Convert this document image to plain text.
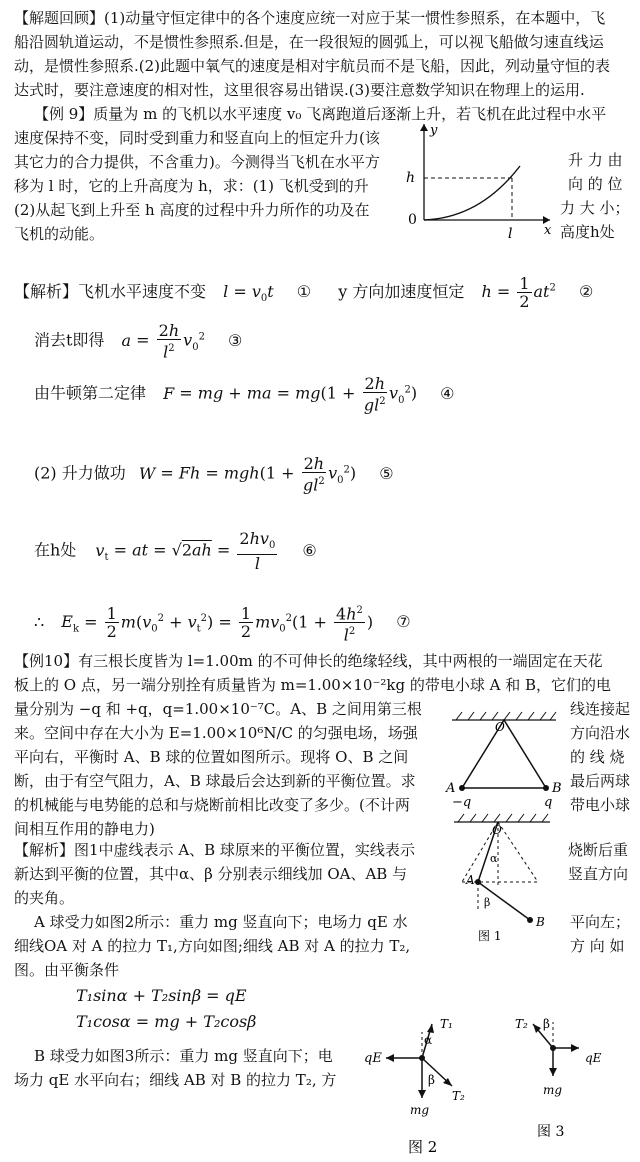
【解题回顾】(1)动量守恒定律中的各个速度应统一对应于某一惯性参照系，在本题中，飞
船沿圆轨道运动，不是惯性参照系.但是，在一段很短的圆弧上，可以视飞船做匀速直线运
动，是惯性参照系.(2)此题中氧气的速度是相对宇航员而不是飞船，因此，列动量守恒的表
达式时，要注意速度的相对性，这里很容易出错误.(3)要注意数学知识在物理上的运用.
【例 9】质量为 m 的飞机以水平速度 v₀ 飞离跑道后逐渐上升，若飞机在此过程中水平
速度保持不变，同时受到重力和竖直向上的恒定升力(该
其它力的合力提供，不含重力)。今测得当飞机在水平方
移为 l 时，它的上升高度为 h，求：(1) 飞机受到的升
(2)从起飞到上升至 h 高度的过程中升力所作的功及在
飞机的动能。
升 力 由
向 的 位
力 大 小；
高度h处
y
h
0
l x
【解析】飞机水平速度不变 $l = v_0t$ ① y 方向加速度恒定 $h = \frac{1}{2} at^2$ ②
消去t即得 $a = \frac{2h}{l^2} v_0^2$ ③
由牛顿第二定律 F = mg + ma = $mg(1 + \frac{2h}{gl^2} v_0^2)$ ④
(2) 升力做功 $W = Fh = mgh(1 + \frac{2h}{gl^2} v_0^2)$ ⑤
在h处 $v_t$ = at = $√2ah = \frac{2hv_0}{l}$ ⑥
∴ $E_k = \frac{1}{2} m(v_0^2 + v_t^2) = \frac{1}{2} mv_0^2(1 + \frac{4h^2}{l^2}$ ) ⑦
【例10】有三根长度皆为 l=1.00m 的不可伸长的绝缘轻线，其中两根的一端固定在天花
板上的 O 点，另一端分别拴有质量皆为 m=1.00×10⁻²kg 的带电小球 A 和 B，它们的电
量分别为 −q 和 +q，q=1.00×10⁻⁷C。A、B 之间用第三根
来。空间中存在大小为 E=1.00×10⁶N/C 的匀强电场，场强
平向右，平衡时 A、B 球的位置如图所示。现将 O、B 之间
断，由于有空气阻力，A、B 球最后会达到新的平衡位置。求
的机械能与电势能的总和与烧断前相比改变了多少。(不计两
间相互作用的静电力)
线连接起
方向沿水
的 线 烧
最后两球
带电小球
O
A	B
−q	q
【解析】图1中虚线表示 A、B 球原来的平衡位置，实线表示
新达到平衡的位置，其中α、β 分别表示细线加 OA、AB 与
的夹角。
A 球受力如图2所示：重力 mg 竖直向下；电场力 qE 水
细线OA 对 A 的拉力 T₁,方向如图;细线 AB 对 A 的拉力 T₂,
图。由平衡条件
T₁sinα + T₂sinβ = qE
T₁cosα = mg + T₂cosβ
B 球受力如图3所示：重力 mg 竖直向下；电
场力 qE 水平向右；细线 AB 对 B 的拉力 T₂, 方
烧断后重
竖直方向
平向左；
方 向 如
O
A
B
α
β
图 1
T₁
T₂
α
β
qE
mg
图 2
T₂ β
qE
mg
图 3
